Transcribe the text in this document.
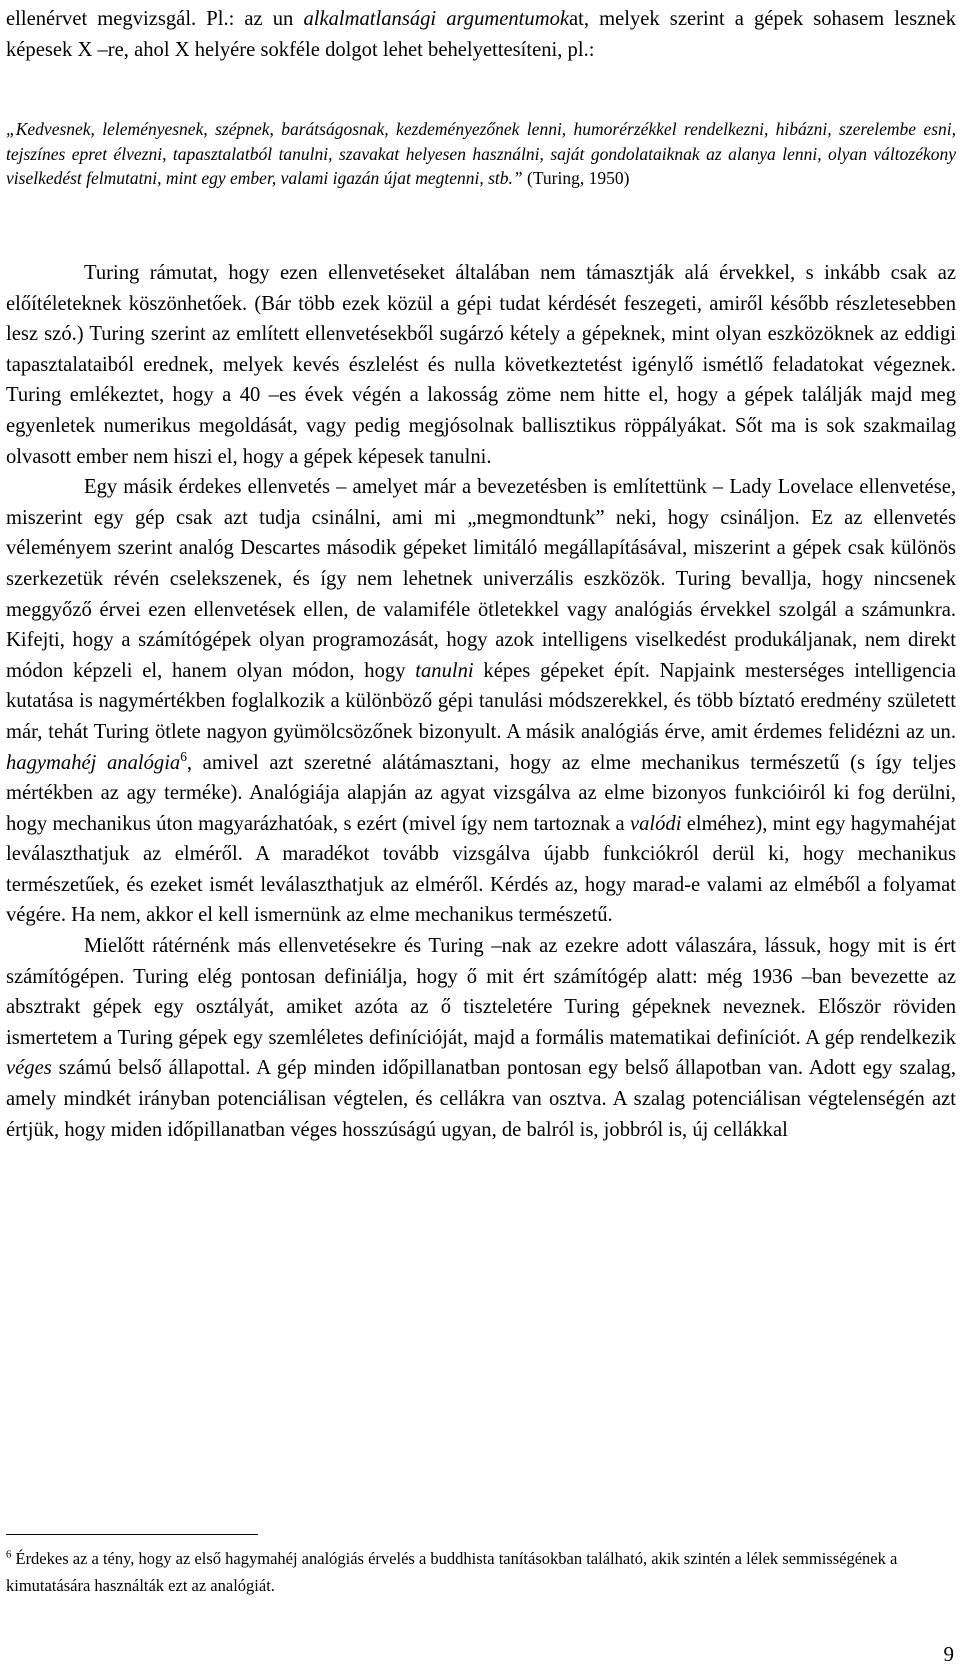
ellenérvet megvizsgál. Pl.: az un alkalmatlansági argumentumokat, melyek szerint a gépek sohasem lesznek képesek X –re, ahol X helyére sokféle dolgot lehet behelyettesíteni, pl.:

„Kedvesnek, leleményesnek, szépnek, barátságosnak, kezdeményezőnek lenni, humorérzékkel rendelkezni, hibázni, szerelembe esni, tejszínes epret élvezni, tapasztalatból tanulni, szavakat helyesen használni, saját gondolataiknak az alanya lenni, olyan változékony viselkedést felmutatni, mint egy ember, valami igazán újat megtenni, stb.” (Turing, 1950)

Turing rámutat, hogy ezen ellenvetéseket általában nem támasztják alá érvekkel, s inkább csak az előítéleteknek köszönhetőek. (Bár több ezek közül a gépi tudat kérdését feszegeti, amiről később részletesebben lesz szó.) Turing szerint az említett ellenvetésekből sugárzó kétely a gépeknek, mint olyan eszközöknek az eddigi tapasztalataiból erednek, melyek kevés észlelést és nulla következtetést igénylő ismétlő feladatokat végeznek. Turing emlékeztet, hogy a 40 –es évek végén a lakosság zöme nem hitte el, hogy a gépek találják majd meg egyenletek numerikus megoldását, vagy pedig megjósolnak ballisztikus röppályákat. Sőt ma is sok szakmailag olvasott ember nem hiszi el, hogy a gépek képesek tanulni.

Egy másik érdekes ellenvetés – amelyet már a bevezetésben is említettünk – Lady Lovelace ellenvetése, miszerint egy gép csak azt tudja csinálni, ami mi „megmondtunk” neki, hogy csináljon. Ez az ellenvetés véleményem szerint analóg Descartes második gépeket limitáló megállapításával, miszerint a gépek csak különös szerkezetük révén cselekszenek, és így nem lehetnek univerzális eszközök. Turing bevallja, hogy nincsenek meggyőző érvei ezen ellenvetések ellen, de valamiféle ötletekkel vagy analógiás érvekkel szolgál a számunkra. Kifejti, hogy a számítógépek olyan programozását, hogy azok intelligens viselkedést produkáljanak, nem direkt módon képzeli el, hanem olyan módon, hogy tanulni képes gépeket épít. Napjaink mesterséges intelligencia kutatása is nagymértékben foglalkozik a különböző gépi tanulási módszerekkel, és több bíztató eredmény született már, tehát Turing ötlete nagyon gyümölcsözőnek bizonyult. A másik analógiás érve, amit érdemes felidézni az un. hagymahéj analógia$^6$, amivel azt szeretné alátámasztani, hogy az elme mechanikus természetű (s így teljes mértékben az agy terméke). Analógiája alapján az agyat vizsgálva az elme bizonyos funkcióiról ki fog derülni, hogy mechanikus úton magyarázhatóak, s ezért (mivel így nem tartoznak a valódi elméhez), mint egy hagymahéjat leválaszthatjuk az elméről. A maradékot tovább vizsgálva újabb funkciókról derül ki, hogy mechanikus természetűek, és ezeket ismét leválaszthatjuk az elméről. Kérdés az, hogy marad-e valami az elméből a folyamat végére. Ha nem, akkor el kell ismernünk az elme mechanikus természetű.

Mielőtt rátérnénk más ellenvetésekre és Turing –nak az ezekre adott válaszára, lássuk, hogy mit is ért számítógépen. Turing elég pontosan definiálja, hogy ő mit ért számítógép alatt: még 1936 –ban bevezette az absztrakt gépek egy osztályát, amiket azóta az ő tiszteletére Turing gépeknek neveznek. Először röviden ismertetem a Turing gépek egy szemléletes definícióját, majd a formális matematikai definíciót. A gép rendelkezik véges számú belső állapottal. A gép minden időpillanatban pontosan egy belső állapotban van. Adott egy szalag, amely mindkét irányban potenciálisan végtelen, és cellákra van osztva. A szalag potenciálisan végtelenségén azt értjük, hogy miden időpillanatban véges hosszúságú ugyan, de balról is, jobbról is, új cellákkal

$^6$ Érdekes az a tény, hogy az első hagymahéj analógiás érvelés a buddhista tanításokban található, akik szintén a lélek semmisségének a kimutatására használták ezt az analógiát.
9
